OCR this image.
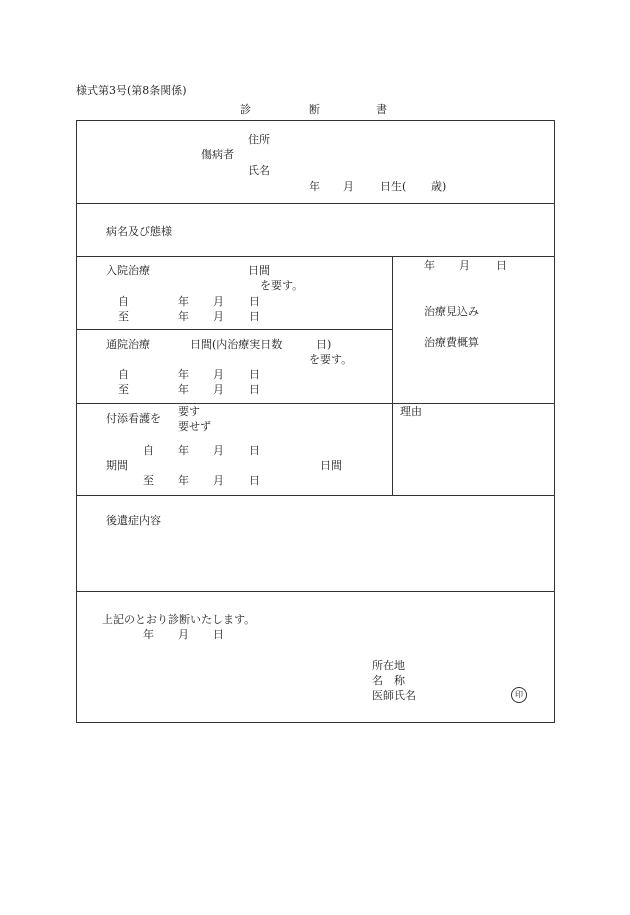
様式第3号(第8条関係)
診	断	書
住所
傷病者
氏名
年 月 日生( 歳)
病名及び態様
入院治療	日間
を要す。
自	年 月 日
至	年 月 日
通院治療	日間(内治療実日数	日)
を要す。
自	年 月 日
至	年 月 日
年 月 日
治療見込み
治療費概算
要す
付添看護を
要せず
理由
自 年 月 日
期間	日間
至 年 月 日
後遺症内容
上記のとおり診断いたします。
年 月 日
所在地
名　称
医師氏名	印
